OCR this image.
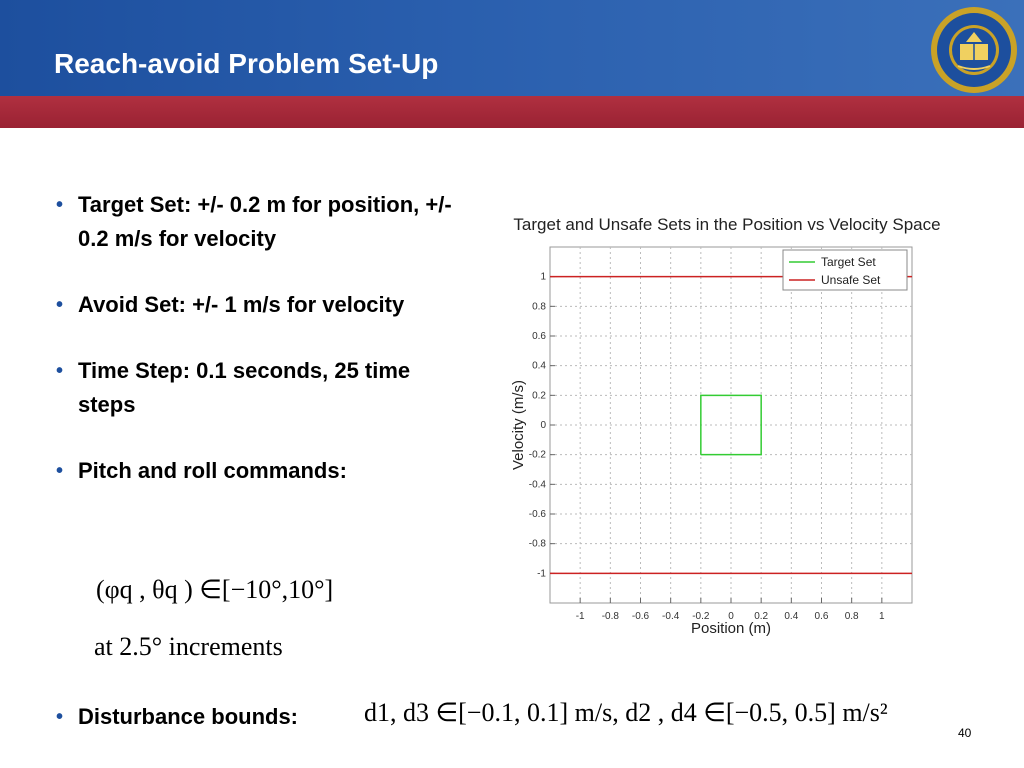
Reach-avoid Problem Set-Up
• Target Set: +/- 0.2 m for position, +/- 0.2 m/s for velocity
• Avoid Set: +/- 1 m/s for velocity
• Time Step: 0.1 seconds, 25 time steps
• Pitch and roll commands:
(φq , θq ) ∈[−10°,10°]
at 2.5° increments
• Disturbance bounds:	d1, d3 ∈[−0.1, 0.1] m/s, d2 , d4 ∈[−0.5, 0.5] m/s²
40
Target and Unsafe Sets in the Position vs Velocity Space
-1 -0.8 -0.6 -0.4 -0.2 0 0.2 0.4 0.6 0.8 1
1
0.8
0.6
0.4
0.2
0
-0.2
-0.4
-0.6
-0.8
-1
Position (m)
Velocity (m/s)
Target Set
Unsafe Set
